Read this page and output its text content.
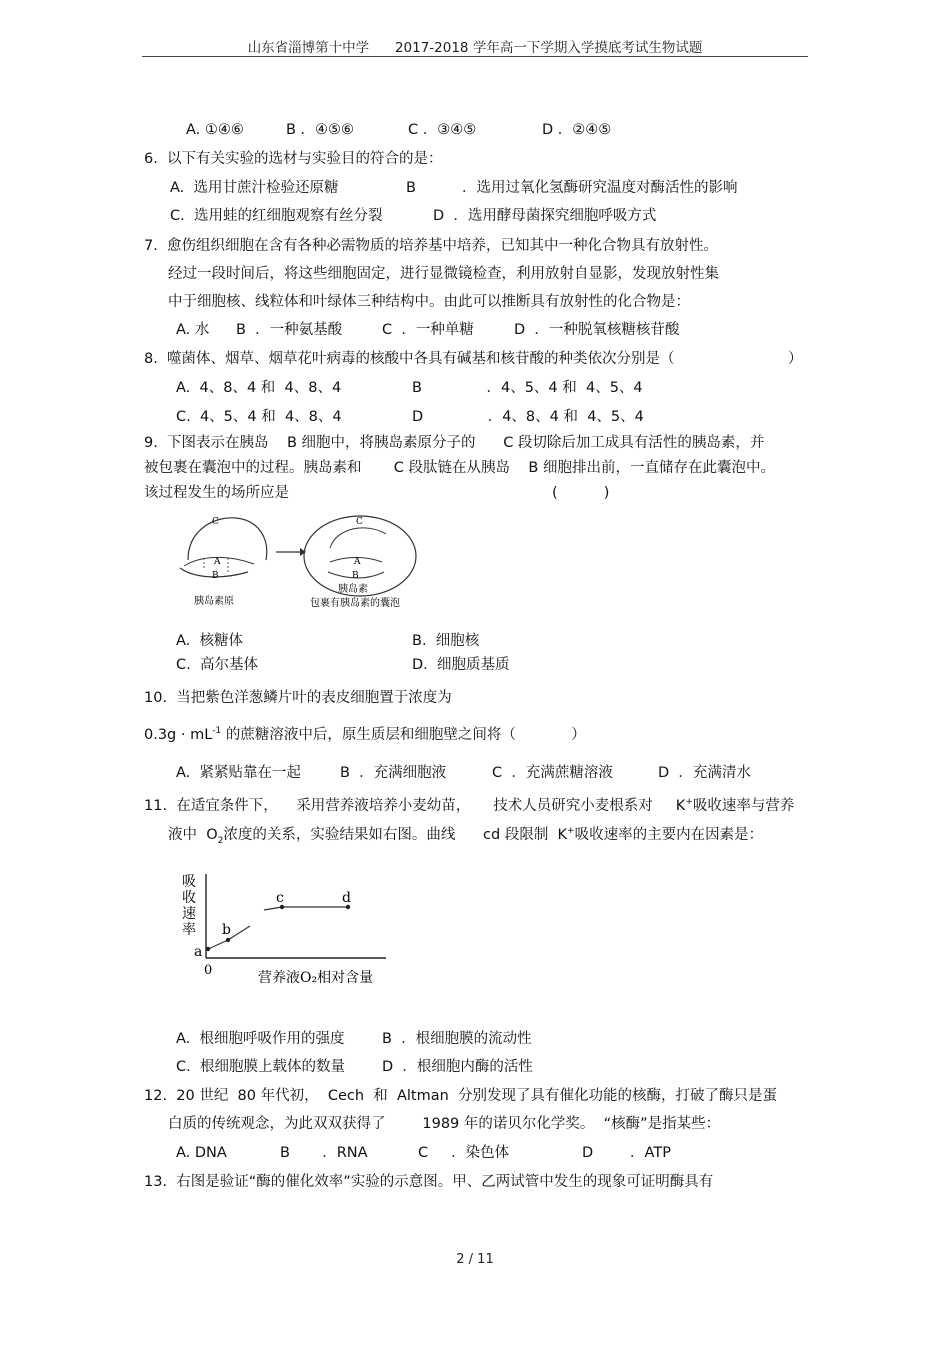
山东省淄博第十中学 2017-2018 学年高一下学期入学摸底考试生物试题
A. ①④⑥	B ．④⑤⑥	C ．③④⑤	D ．②④⑤
6.  以下有关实验的选材与实验目的符合的是：
A.  选用甘蔗汁检验还原糖	B          ．选用过氧化氢酶研究温度对酶活性的影响
C.  选用蛙的红细胞观察有丝分裂	D  ．选用酵母菌探究细胞呼吸方式
7.  愈伤组织细胞在含有各种必需物质的培养基中培养，已知其中一种化合物具有放射性。
经过一段时间后，将这些细胞固定，进行显微镜检查，利用放射自显影，发现放射性集
中于细胞核、线粒体和叶绿体三种结构中。由此可以推断具有放射性的化合物是：
A. 水 B  ．一种氨基酸	C  ．一种单糖	D  ．一种脱氧核糖核苷酸
8.  噬菌体、烟草、烟草花叶病毒的核酸中各具有碱基和核苷酸的种类依次分别是（	）
A.  4、8、4 和  4、8、4	B              ．4、5、4 和  4、5、4
C.  4、5、4 和  4、8、4	D              ．4、8、4 和  4、5、4
9.  下图表示在胰岛    B 细胞中，将胰岛素原分子的      C 段切除后加工成具有活性的胰岛素，并
被包裹在囊泡中的过程。胰岛素和       C 段肽链在从胰岛    B 细胞排出前，一直储存在此囊泡中。
该过程发生的场所应是	(          )
C
A
B
胰岛素原
C
A
B
胰岛素
包裹有胰岛素的囊泡
A.  核糖体	B.  细胞核
C.  高尔基体	D.  细胞质基质
10.  当把紫色洋葱鳞片叶的表皮细胞置于浓度为
$0.3g \cdot mL^{-1}$ 的蔗糖溶液中后，原生质层和细胞壁之间将（            ）
A.  紧紧贴靠在一起	B  ．充满细胞液	C  ．充满蔗糖溶液	D  ．充满清水
11.  在适宜条件下，    采用营养液培养小麦幼苗，     技术人员研究小麦根系对     K+吸收速率与营养
液中  $O_2$浓度的关系，实验结果如右图。曲线      cd 段限制  K+吸收速率的主要内在因素是：
吸
收
速
率
0	营养液O₂相对含量
a
b
c	d
A.  根细胞呼吸作用的强度	B  ．根细胞膜的流动性
C.  根细胞膜上载体的数量	D  ．根细胞内酶的活性
12.  20 世纪  80 年代初，  Cech  和  Altman  分别发现了具有催化功能的核酶，打破了酶只是蛋
白质的传统观念，为此双双获得了        1989 年的诺贝尔化学奖。  “核酶”是指某些：
A. DNA	B       ．RNA	C     ．染色体	D        ．ATP
13.  右图是验证“酶的催化效率”实验的示意图。甲、乙两试管中发生的现象可证明酶具有
2 / 11
